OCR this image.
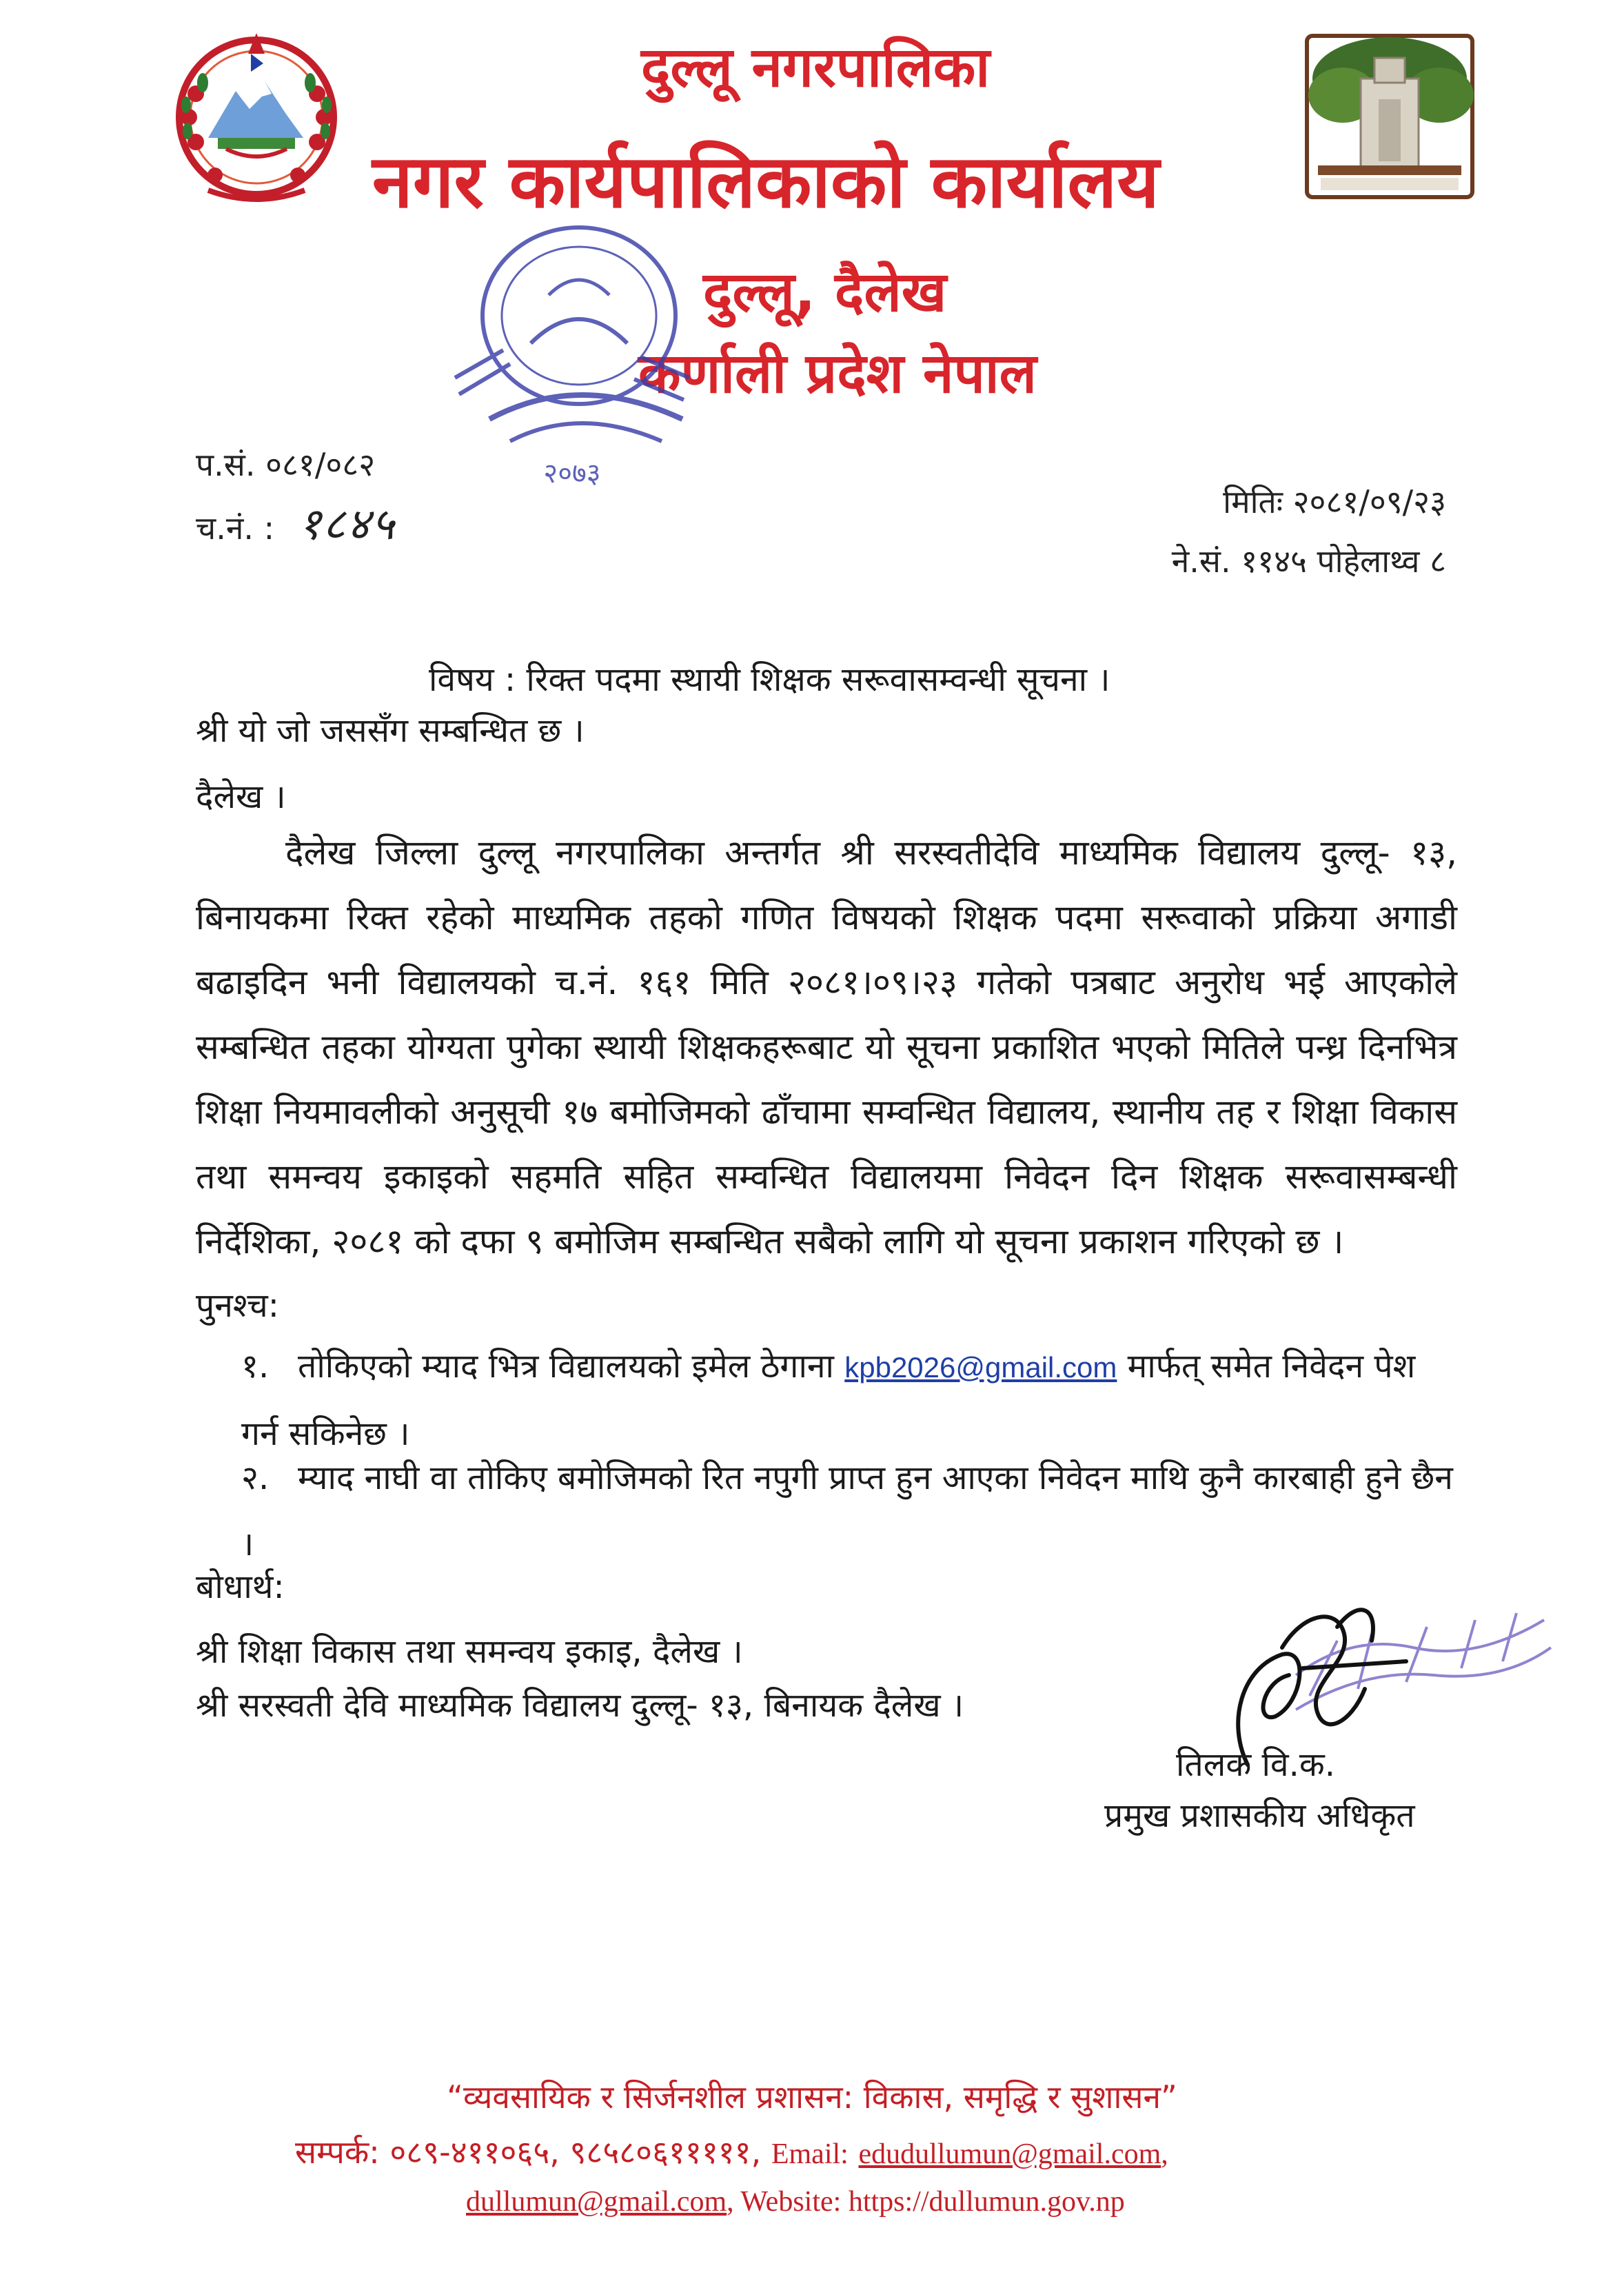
दुल्लू नगरपालिका
नगर कार्यपालिकाको कार्यालय
दुल्लू, दैलेख
कर्णाली प्रदेश नेपाल
२०७३
प.सं. ०८१/०८२
च.नं. : १८४५	मितिः २०८१/०९/२३
ने.सं. ११४५ पोहेलाथ्व ८
विषय : रिक्त पदमा स्थायी शिक्षक सरूवासम्वन्धी सूचना ।
श्री यो जो जससँग सम्बन्धित छ ।
दैलेख ।
दैलेख जिल्ला दुल्लू नगरपालिका अन्तर्गत श्री सरस्वतीदेवि माध्यमिक विद्यालय दुल्लू- १३, बिनायकमा रिक्त रहेको माध्यमिक तहको गणित विषयको शिक्षक पदमा सरूवाको प्रक्रिया अगाडी बढाइदिन भनी विद्यालयको च.नं. १६१ मिति २०८१।०९।२३ गतेको पत्रबाट अनुरोध भई आएकोले सम्बन्धित तहका योग्यता पुगेका स्थायी शिक्षकहरूबाट यो सूचना प्रकाशित भएको मितिले पन्ध्र दिनभित्र शिक्षा नियमावलीको अनुसूची १७ बमोजिमको ढाँचामा सम्वन्धित विद्यालय, स्थानीय तह र शिक्षा विकास तथा समन्वय इकाइको सहमति सहित सम्वन्धित विद्यालयमा निवेदन दिन शिक्षक सरूवासम्बन्धी निर्देशिका, २०८१ को दफा ९ बमोजिम सम्बन्धित सबैको लागि यो सूचना प्रकाशन गरिएको छ ।
पुनश्च:
१. तोकिएको म्याद भित्र विद्यालयको इमेल ठेगाना kpb2026@gmail.com मार्फत् समेत निवेदन पेश गर्न सकिनेछ ।
२. म्याद नाघी वा तोकिए बमोजिमको रित नपुगी प्राप्त हुन आएका निवेदन माथि कुनै कारबाही हुने छैन ।
बोधार्थ:
श्री शिक्षा विकास तथा समन्वय इकाइ, दैलेख ।
श्री सरस्वती देवि माध्यमिक विद्यालय दुल्लू- १३, बिनायक दैलेख ।
तिलक वि.क.
प्रमुख प्रशासकीय अधिकृत
“व्यवसायिक र सिर्जनशील प्रशासन: विकास, समृद्धि र सुशासन”
सम्पर्क: ०८९-४११०६५, ९८५८०६१११११, Email: edudullumun@gmail.com,
dullumun@gmail.com, Website: https://dullumun.gov.np
